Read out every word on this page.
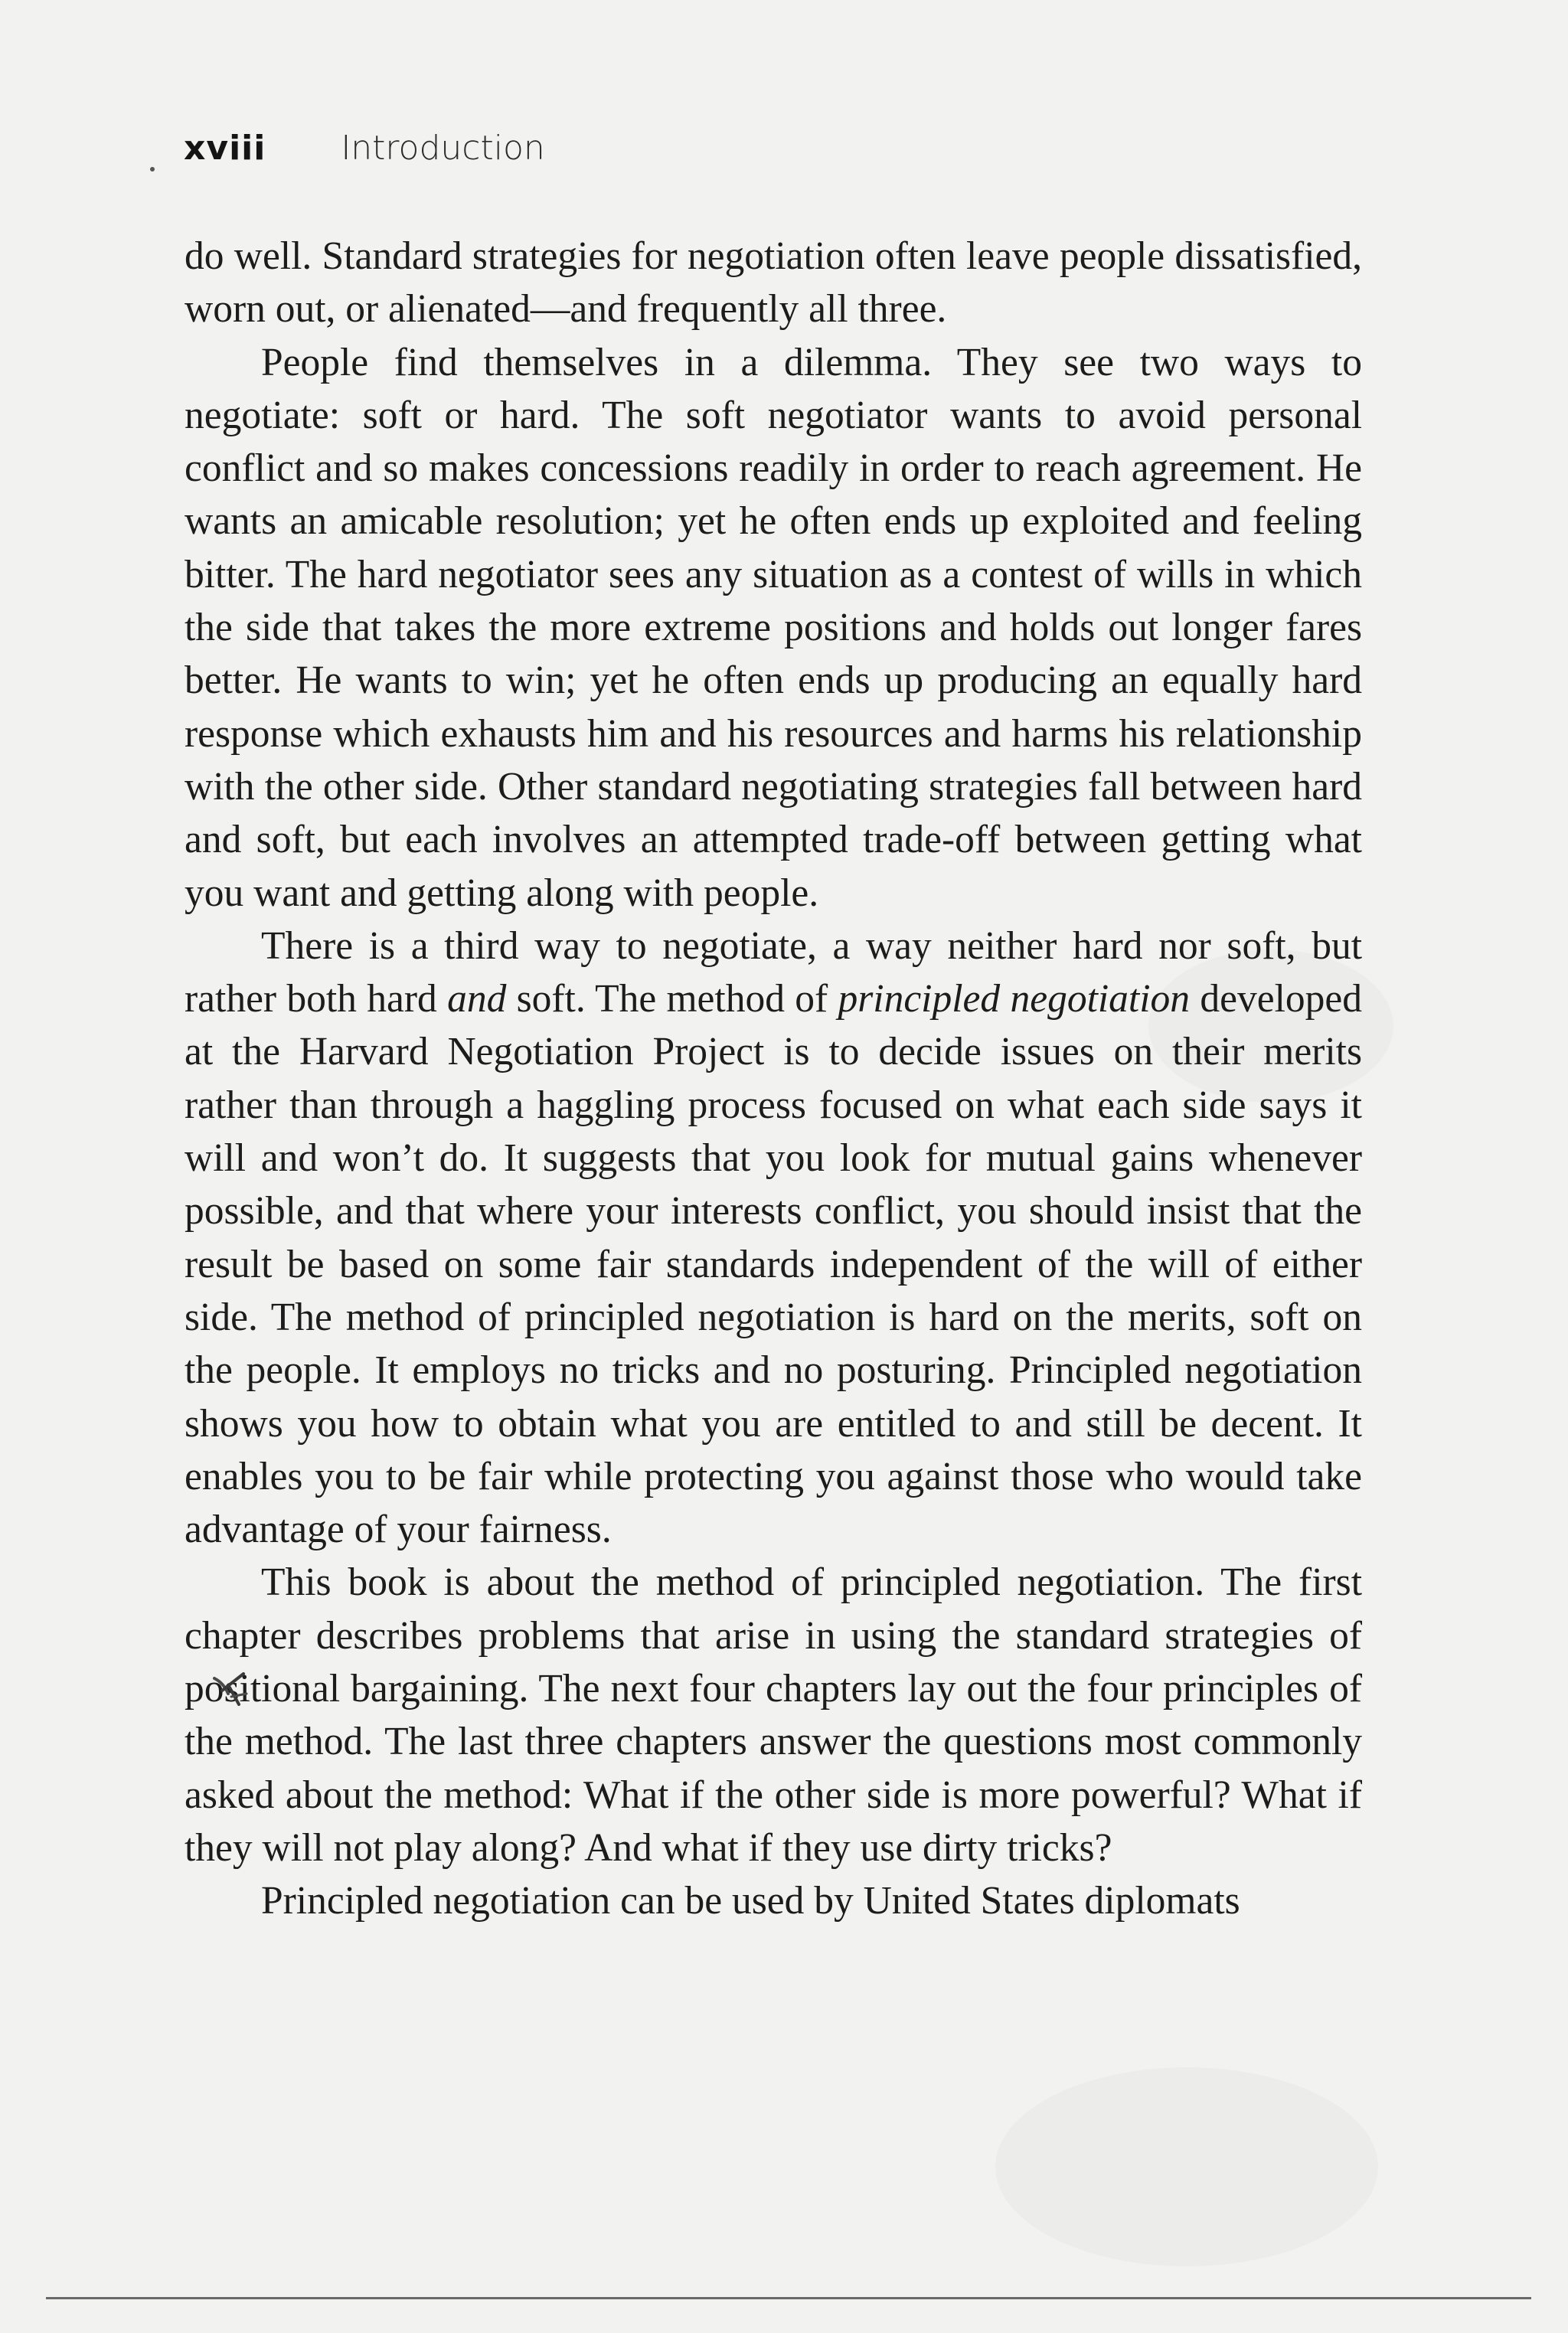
xviii Introduction

do well. Standard strategies for negotiation often leave people dissatisfied, worn out, or alienated—and frequently all three.

People find themselves in a dilemma. They see two ways to negotiate: soft or hard. The soft negotiator wants to avoid personal conflict and so makes concessions readily in order to reach agreement. He wants an amicable resolution; yet he often ends up exploited and feeling bitter. The hard negotiator sees any situation as a contest of wills in which the side that takes the more extreme positions and holds out longer fares better. He wants to win; yet he often ends up producing an equally hard response which exhausts him and his resources and harms his relationship with the other side. Other standard negotiating strategies fall between hard and soft, but each involves an attempted trade-off between getting what you want and getting along with people.

There is a third way to negotiate, a way neither hard nor soft, but rather both hard and soft. The method of principled negotiation developed at the Harvard Negotiation Project is to decide issues on their merits rather than through a haggling process focused on what each side says it will and won’t do. It suggests that you look for mutual gains whenever possible, and that where your interests conflict, you should insist that the result be based on some fair standards independent of the will of either side. The method of principled negotiation is hard on the merits, soft on the people. It employs no tricks and no posturing. Principled negotiation shows you how to obtain what you are entitled to and still be decent. It enables you to be fair while protecting you against those who would take advantage of your fairness.

This book is about the method of principled negotiation. The first chapter describes problems that arise in using the standard strategies of positional bargaining. The next four chapters lay out the four principles of the method. The last three chapters answer the questions most commonly asked about the method: What if the other side is more powerful? What if they will not play along? And what if they use dirty tricks?

Principled negotiation can be used by United States diplomats
